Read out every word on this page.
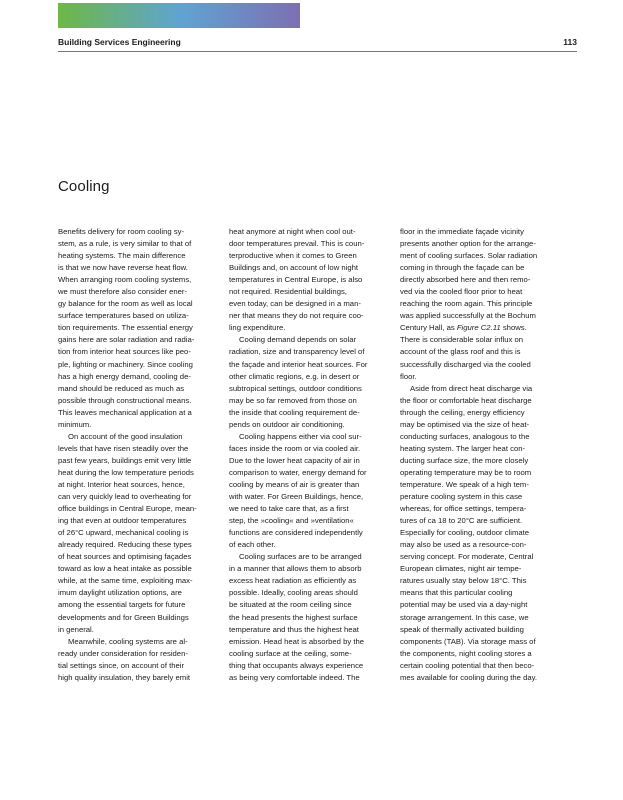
Building Services Engineering	113
Cooling
Benefits delivery for room cooling sy-
stem, as a rule, is very similar to that of
heating systems. The main difference
is that we now have reverse heat flow.
When arranging room cooling systems,
we must therefore also consider ener-
gy balance for the room as well as local
surface temperatures based on utiliza-
tion requirements. The essential energy
gains here are solar radiation and radia-
tion from interior heat sources like peo-
ple, lighting or machinery. Since cooling
has a high energy demand, cooling de-
mand should be reduced as much as
possible through constructional means.
This leaves mechanical application at a
minimum.
On account of the good insulation
levels that have risen steadily over the
past few years, buildings emit very little
heat during the low temperature periods
at night. Interior heat sources, hence,
can very quickly lead to overheating for
office buildings in Central Europe, mean-
ing that even at outdoor temperatures
of 26°C upward, mechanical cooling is
already required. Reducing these types
of heat sources and optimising façades
toward as low a heat intake as possible
while, at the same time, exploiting max-
imum daylight utilization options, are
among the essential targets for future
developments and for Green Buildings
in general.
Meanwhile, cooling systems are al-
ready under consideration for residen-
tial settings since, on account of their
high quality insulation, they barely emit
heat anymore at night when cool out-
door temperatures prevail. This is coun-
terproductive when it comes to Green
Buildings and, on account of low night
temperatures in Central Europe, is also
not required. Residential buildings,
even today, can be designed in a man-
ner that means they do not require coo-
ling expenditure.
Cooling demand depends on solar
radiation, size and transparency level of
the façade and interior heat sources. For
other climatic regions, e.g. in desert or
subtropical settings, outdoor conditions
may be so far removed from those on
the inside that cooling requirement de-
pends on outdoor air conditioning.
Cooling happens either via cool sur-
faces inside the room or via cooled air.
Due to the lower heat capacity of air in
comparison to water, energy demand for
cooling by means of air is greater than
with water. For Green Buildings, hence,
we need to take care that, as a first
step, the »cooling« and »ventilation«
functions are considered independently
of each other.
Cooling surfaces are to be arranged
in a manner that allows them to absorb
excess heat radiation as efficiently as
possible. Ideally, cooling areas should
be situated at the room ceiling since
the head presents the highest surface
temperature and thus the highest heat
emission. Head heat is absorbed by the
cooling surface at the ceiling, some-
thing that occupants always experience
as being very comfortable indeed. The
floor in the immediate façade vicinity
presents another option for the arrange-
ment of cooling surfaces. Solar radiation
coming in through the façade can be
directly absorbed here and then remo-
ved via the cooled floor prior to heat
reaching the room again. This principle
was applied successfully at the Bochum
Century Hall, as Figure C2.11 shows.
There is considerable solar influx on
account of the glass roof and this is
successfully discharged via the cooled
floor.
Aside from direct heat discharge via
the floor or comfortable heat discharge
through the ceiling, energy efficiency
may be optimised via the size of heat-
conducting surfaces, analogous to the
heating system. The larger heat con-
ducting surface size, the more closely
operating temperature may be to room
temperature. We speak of a high tem-
perature cooling system in this case
whereas, for office settings, tempera-
tures of ca 18 to 20°C are sufficient.
Especially for cooling, outdoor climate
may also be used as a resource-con-
serving concept. For moderate, Central
European climates, night air tempe-
ratures usually stay below 18°C. This
means that this particular cooling
potential may be used via a day-night
storage arrangement. In this case, we
speak of thermally activated building
components (TAB). Via storage mass of
the components, night cooling stores a
certain cooling potential that then beco-
mes available for cooling during the day.
